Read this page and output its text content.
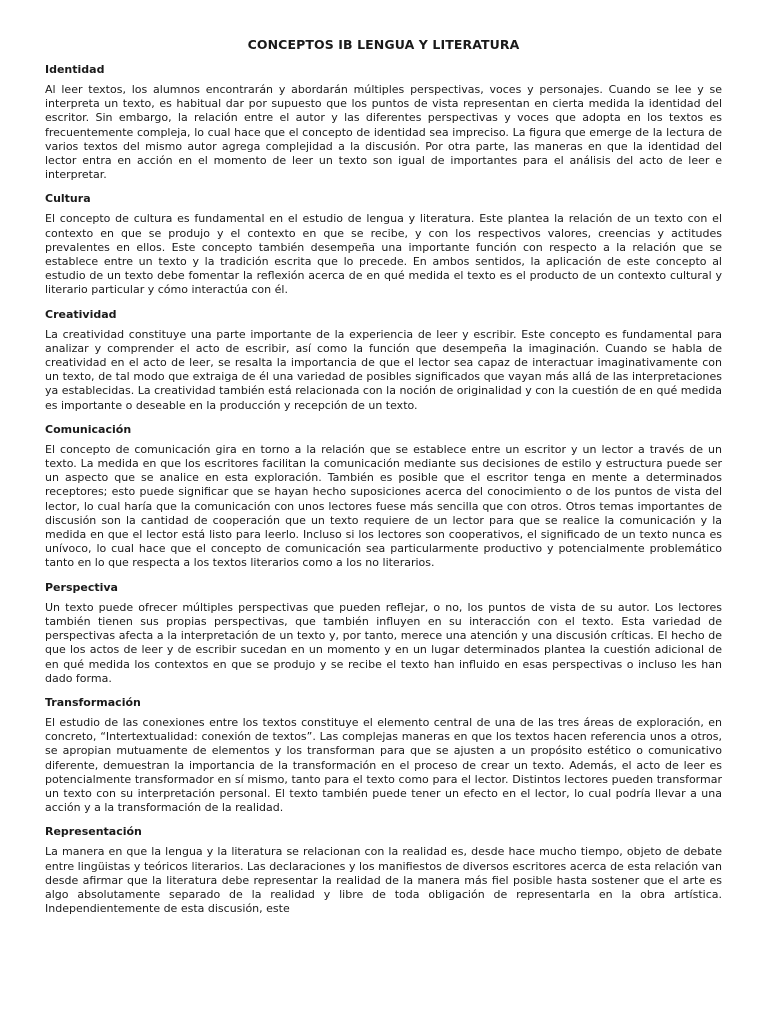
CONCEPTOS IB LENGUA Y LITERATURA
Identidad

Al leer textos, los alumnos encontrarán y abordarán múltiples perspectivas, voces y personajes. Cuando se lee y se interpreta un texto, es habitual dar por supuesto que los puntos de vista representan en cierta medida la identidad del escritor. Sin embargo, la relación entre el autor y las diferentes perspectivas y voces que adopta en los textos es frecuentemente compleja, lo cual hace que el concepto de identidad sea impreciso. La figura que emerge de la lectura de varios textos del mismo autor agrega complejidad a la discusión. Por otra parte, las maneras en que la identidad del lector entra en acción en el momento de leer un texto son igual de importantes para el análisis del acto de leer e interpretar.

Cultura

El concepto de cultura es fundamental en el estudio de lengua y literatura. Este plantea la relación de un texto con el contexto en que se produjo y el contexto en que se recibe, y con los respectivos valores, creencias y actitudes prevalentes en ellos. Este concepto también desempeña una importante función con respecto a la relación que se establece entre un texto y la tradición escrita que lo precede. En ambos sentidos, la aplicación de este concepto al estudio de un texto debe fomentar la reflexión acerca de en qué medida el texto es el producto de un contexto cultural y literario particular y cómo interactúa con él.

Creatividad

La creatividad constituye una parte importante de la experiencia de leer y escribir. Este concepto es fundamental para analizar y comprender el acto de escribir, así como la función que desempeña la imaginación. Cuando se habla de creatividad en el acto de leer, se resalta la importancia de que el lector sea capaz de interactuar imaginativamente con un texto, de tal modo que extraiga de él una variedad de posibles significados que vayan más allá de las interpretaciones ya establecidas. La creatividad también está relacionada con la noción de originalidad y con la cuestión de en qué medida es importante o deseable en la producción y recepción de un texto.

Comunicación

El concepto de comunicación gira en torno a la relación que se establece entre un escritor y un lector a través de un texto. La medida en que los escritores facilitan la comunicación mediante sus decisiones de estilo y estructura puede ser un aspecto que se analice en esta exploración. También es posible que el escritor tenga en mente a determinados receptores; esto puede significar que se hayan hecho suposiciones acerca del conocimiento o de los puntos de vista del lector, lo cual haría que la comunicación con unos lectores fuese más sencilla que con otros. Otros temas importantes de discusión son la cantidad de cooperación que un texto requiere de un lector para que se realice la comunicación y la medida en que el lector está listo para leerlo. Incluso si los lectores son cooperativos, el significado de un texto nunca es unívoco, lo cual hace que el concepto de comunicación sea particularmente productivo y potencialmente problemático tanto en lo que respecta a los textos literarios como a los no literarios.

Perspectiva

Un texto puede ofrecer múltiples perspectivas que pueden reflejar, o no, los puntos de vista de su autor. Los lectores también tienen sus propias perspectivas, que también influyen en su interacción con el texto. Esta variedad de perspectivas afecta a la interpretación de un texto y, por tanto, merece una atención y una discusión críticas. El hecho de que los actos de leer y de escribir sucedan en un momento y en un lugar determinados plantea la cuestión adicional de en qué medida los contextos en que se produjo y se recibe el texto han influido en esas perspectivas o incluso les han dado forma.

Transformación

El estudio de las conexiones entre los textos constituye el elemento central de una de las tres áreas de exploración, en concreto, “Intertextualidad: conexión de textos”. Las complejas maneras en que los textos hacen referencia unos a otros, se apropian mutuamente de elementos y los transforman para que se ajusten a un propósito estético o comunicativo diferente, demuestran la importancia de la transformación en el proceso de crear un texto. Además, el acto de leer es potencialmente transformador en sí mismo, tanto para el texto como para el lector. Distintos lectores pueden transformar un texto con su interpretación personal. El texto también puede tener un efecto en el lector, lo cual podría llevar a una acción y a la transformación de la realidad.

Representación

La manera en que la lengua y la literatura se relacionan con la realidad es, desde hace mucho tiempo, objeto de debate entre lingüistas y teóricos literarios. Las declaraciones y los manifiestos de diversos escritores acerca de esta relación van desde afirmar que la literatura debe representar la realidad de la manera más fiel posible hasta sostener que el arte es algo absolutamente separado de la realidad y libre de toda obligación de representarla en la obra artística. Independientemente de esta discusión, este
